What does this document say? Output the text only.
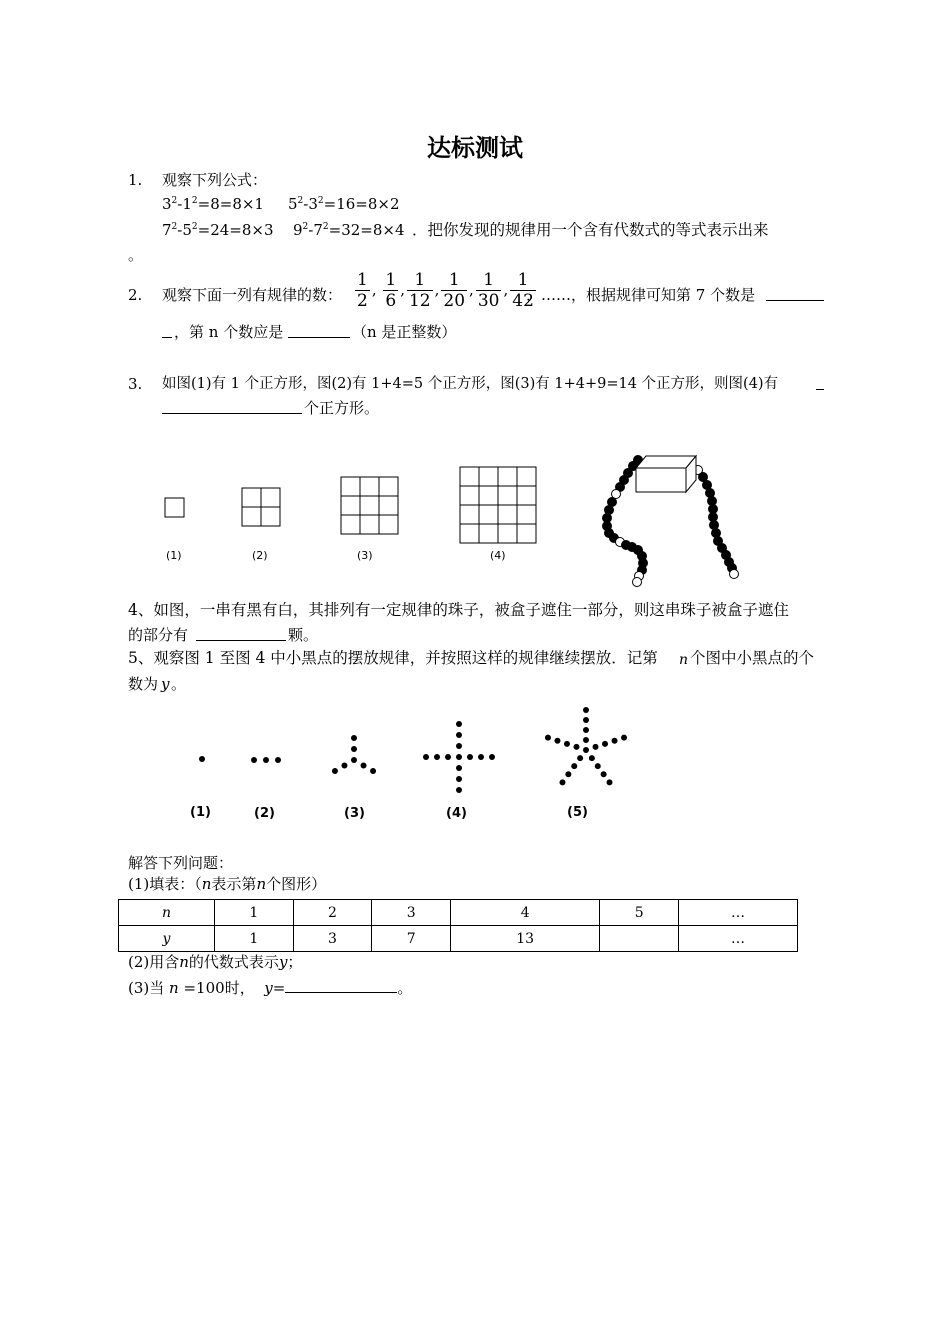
达标测试
1. 观察下列公式：
$3^2-1^2=8=8\times 1$ $5^2-3^2=16=8\times 2$
$7^2-5^2=24=8\times 3$ $9^2-7^2=32=8\times 4$ ．把你发现的规律用一个含有代数式的等式表示出来
。
2. 观察下面一列有规律的数： $\frac{1}{2}$ , $\frac{1}{6}$ , $\frac{1}{12}$ , $\frac{1}{20}$ , $\frac{1}{30}$ , $\frac{1}{42}$
，……，根据规律可知第 7 个数是
，第 n 个数应是	（n 是正整数）
3. 如图(1)有 1 个正方形，图(2)有 1+4=5 个正方形，图(3)有 1+4+9=14 个正方形，则图(4)有
个正方形。
(1)	(2)	(3)	(4)
4、如图，一串有黑有白，其排列有一定规律的珠子，被盒子遮住一部分，则这串珠子被盒子遮住
的部分有	颗。
5、观察图 1 至图 4 中小黑点的摆放规律，并按照这样的规律继续摆放．记第 n 个图中小黑点的个
数为 y 。
(1)	(2)	(3)	(4)	(5)
解答下列问题：
(1)填表：（n表示第n个图形）
n	1	2	3	4	5	…
y	1	3	7	13		…
(2)用含n的代数式表示y；
(3)当 n =100时， y=	。
